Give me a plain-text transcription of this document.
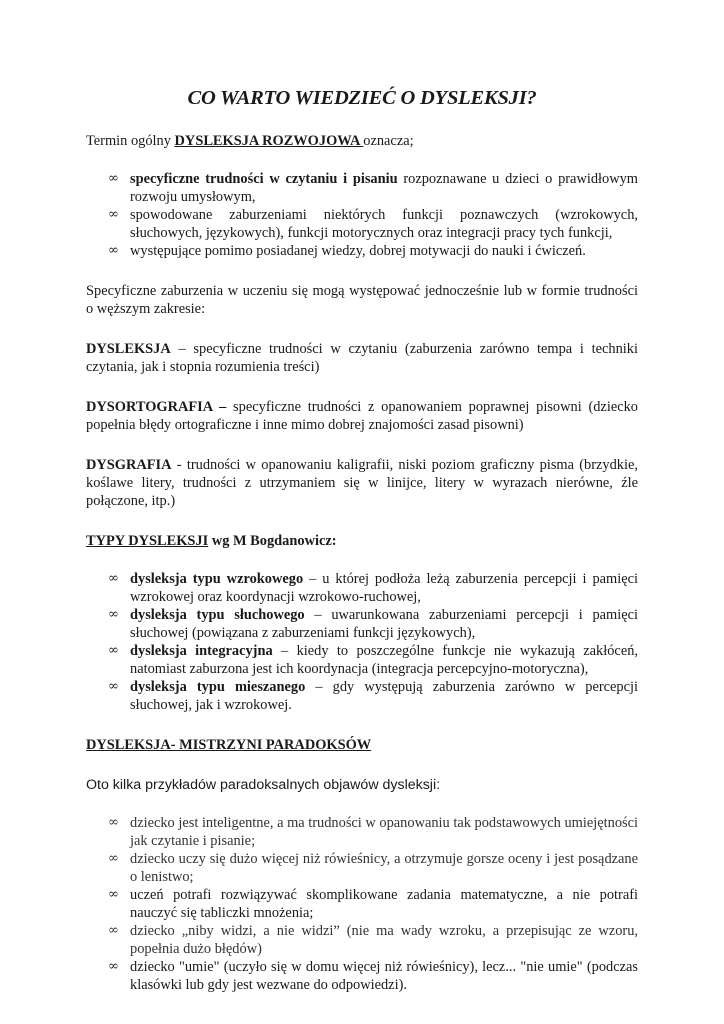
CO WARTO WIEDZIEĆ O DYSLEKSJI?

Termin ogólny DYSLEKSJA ROZWOJOWA oznacza;

∞ specyficzne trudności w czytaniu i pisaniu rozpoznawane u dzieci o prawidłowym rozwoju umysłowym,
∞ spowodowane zaburzeniami niektórych funkcji poznawczych (wzrokowych, słuchowych, językowych), funkcji motorycznych oraz integracji pracy tych funkcji,
∞ występujące pomimo posiadanej wiedzy, dobrej motywacji do nauki i ćwiczeń.

Specyficzne zaburzenia w uczeniu się mogą występować jednocześnie lub w formie trudności o węższym zakresie:

DYSLEKSJA – specyficzne trudności w czytaniu (zaburzenia zarówno tempa i techniki czytania, jak i stopnia rozumienia treści)

DYSORTOGRAFIA – specyficzne trudności z opanowaniem poprawnej pisowni (dziecko popełnia błędy ortograficzne i inne mimo dobrej znajomości zasad pisowni)

DYSGRAFIA - trudności w opanowaniu kaligrafii, niski poziom graficzny pisma (brzydkie, koślawe litery, trudności z utrzymaniem się w linijce, litery w wyrazach nierówne, źle połączone, itp.)

TYPY DYSLEKSJI wg M Bogdanowicz:

∞ dysleksja typu wzrokowego – u której podłoża leżą zaburzenia percepcji i pamięci wzrokowej oraz koordynacji wzrokowo-ruchowej,
∞ dysleksja typu słuchowego – uwarunkowana zaburzeniami percepcji i pamięci słuchowej (powiązana z zaburzeniami funkcji językowych),
∞ dysleksja integracyjna – kiedy to poszczególne funkcje nie wykazują zakłóceń, natomiast zaburzona jest ich koordynacja (integracja percepcyjno-motoryczna),
∞ dysleksja typu mieszanego – gdy występują zaburzenia zarówno w percepcji słuchowej, jak i wzrokowej.

DYSLEKSJA- MISTRZYNI PARADOKSÓW

Oto kilka przykładów paradoksalnych objawów dysleksji:

∞ dziecko jest inteligentne, a ma trudności w opanowaniu tak podstawowych umiejętności jak czytanie i pisanie;
∞ dziecko uczy się dużo więcej niż rówieśnicy, a otrzymuje gorsze oceny i jest posądzane o lenistwo;
∞ uczeń potrafi rozwiązywać skomplikowane zadania matematyczne, a nie potrafi nauczyć się tabliczki mnożenia;
∞ dziecko „niby widzi, a nie widzi” (nie ma wady wzroku, a przepisując ze wzoru, popełnia dużo błędów)
∞ dziecko "umie" (uczyło się w domu więcej niż rówieśnicy), lecz... "nie umie" (podczas klasówki lub gdy jest wezwane do odpowiedzi).
